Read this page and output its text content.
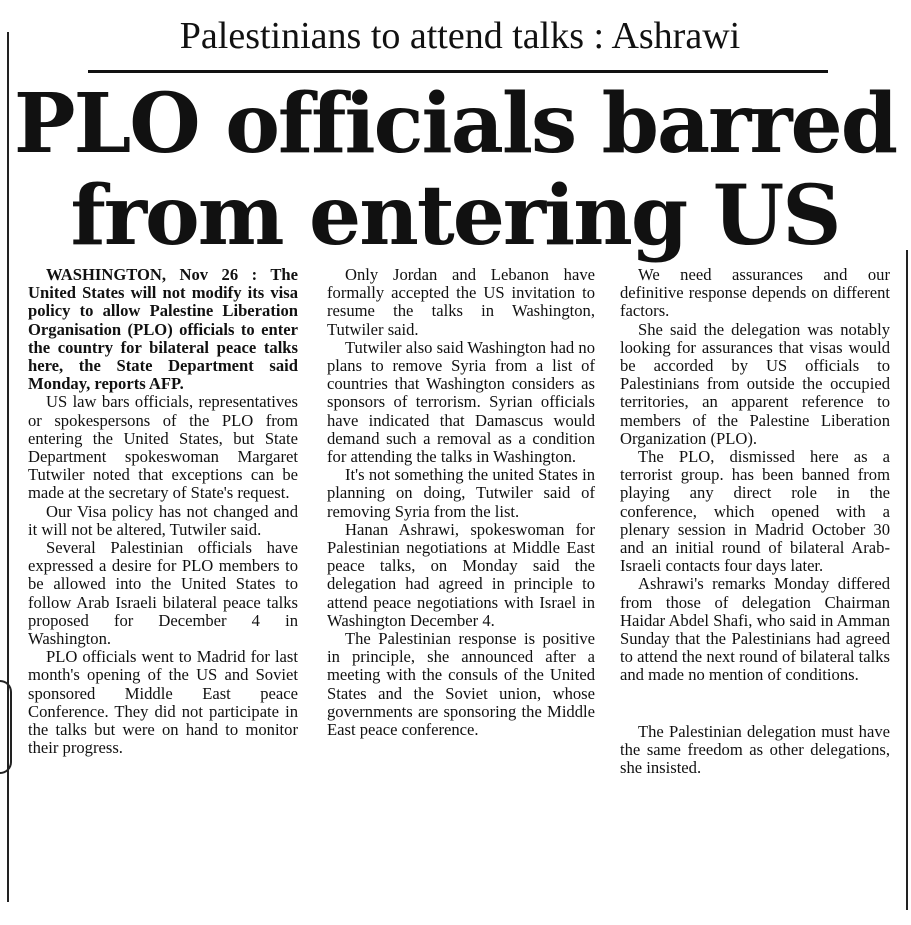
Palestinians to attend talks : Ashrawi
PLO officials barred
from entering US

WASHINGTON, Nov 26 : The United States will not modify its visa policy to allow Palestine Liberation Organisation (PLO) officials to enter the country for bilateral peace talks here, the State Department said Monday, reports AFP.

US law bars officials, representatives or spokespersons of the PLO from entering the United States, but State Department spokeswoman Margaret Tutwiler noted that exceptions can be made at the secretary of State's request.

Our Visa policy has not changed and it will not be altered, Tutwiler said.

Several Palestinian officials have expressed a desire for PLO members to be allowed into the United States to follow Arab Israeli bilateral peace talks proposed for December 4 in Washington.

PLO officials went to Madrid for last month's opening of the US and Soviet sponsored Middle East peace Conference. They did not participate in the talks but were on hand to monitor their progress.

Only Jordan and Lebanon have formally accepted the US invitation to resume the talks in Washington, Tutwiler said.

Tutwiler also said Washington had no plans to remove Syria from a list of countries that Washington considers as sponsors of terrorism. Syrian officials have indicated that Damascus would demand such a removal as a condition for attending the talks in Washington.

It's not something the united States in planning on doing, Tutwiler said of removing Syria from the list.

Hanan Ashrawi, spokeswoman for Palestinian negotiations at Middle East peace talks, on Monday said the delegation had agreed in principle to attend peace negotiations with Israel in Washington December 4.

The Palestinian response is positive in principle, she announced after a meeting with the consuls of the United States and the Soviet union, whose governments are sponsoring the Middle East peace conference.

We need assurances and our definitive response depends on different factors.

She said the delegation was notably looking for assurances that visas would be accorded by US officials to Palestinians from outside the occupied territories, an apparent reference to members of the Palestine Liberation Organization (PLO).

The PLO, dismissed here as a terrorist group. has been banned from playing any direct role in the conference, which opened with a plenary session in Madrid October 30 and an initial round of bilateral Arab-Israeli contacts four days later.

Ashrawi's remarks Monday differed from those of delegation Chairman Haidar Abdel Shafi, who said in Amman Sunday that the Palestinians had agreed to attend the next round of bilateral talks and made no mention of conditions.

The Palestinian delegation must have the same freedom as other delegations, she insisted.
